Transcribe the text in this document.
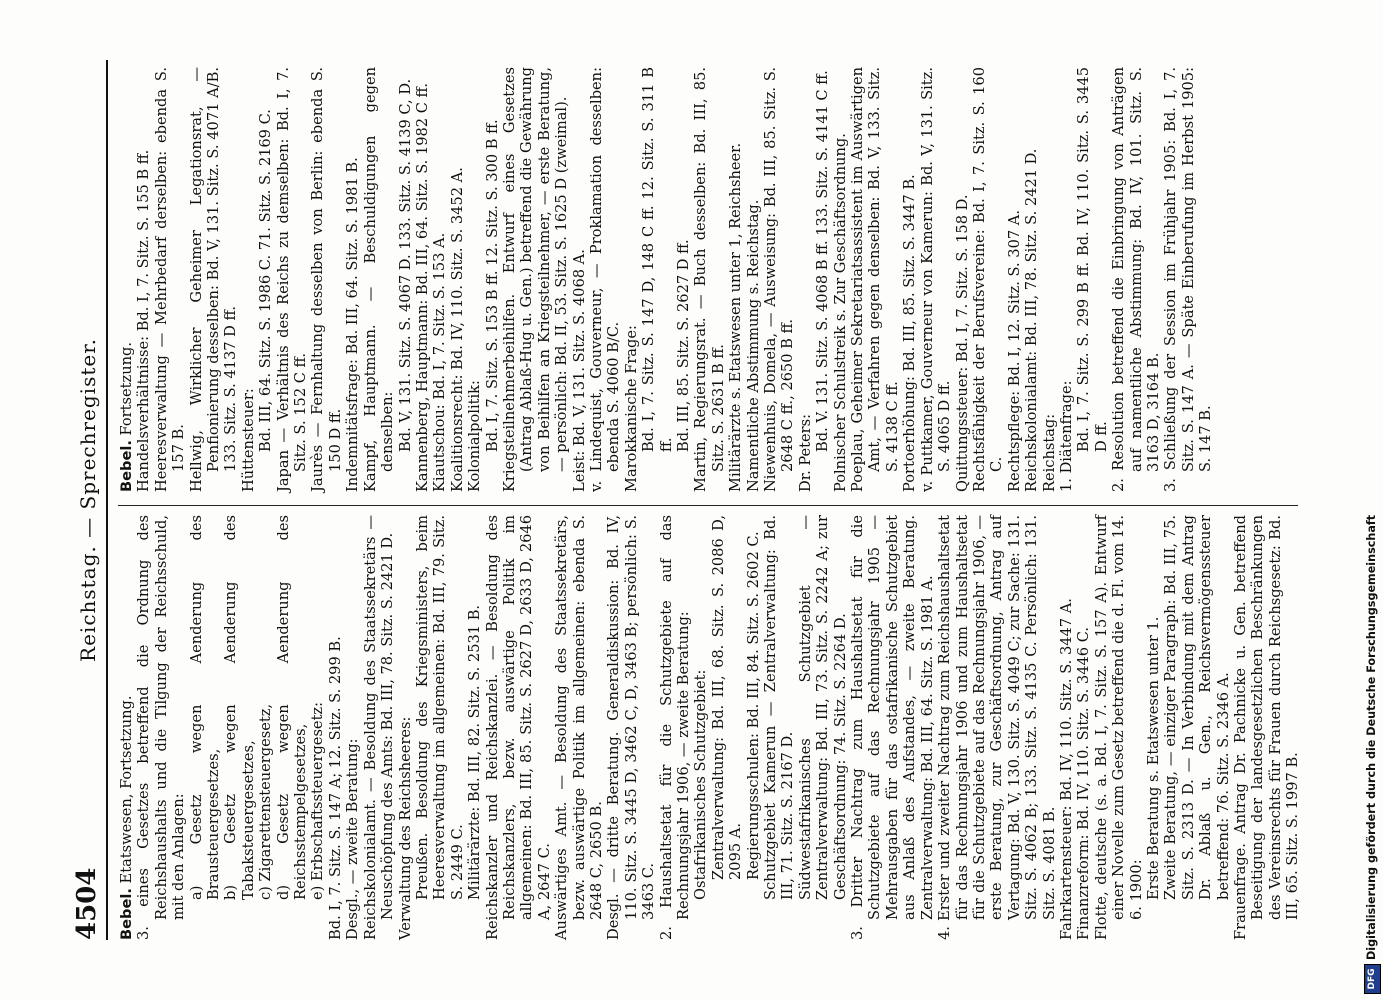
4504
Reichstag. — Sprechregister.

Bebel. Etatswesen, Fortsetzung. 3. eines Gesetzes betreffend die Ordnung des Reichshaushalts und die Tilgung der Reichsschuld, mit den Anlagen: a) Gesetz wegen Aenderung des Brausteuergesetzes, b) Gesetz wegen Aenderung des Tabaksteuergesetzes, c) Zigarettensteuergesetz, d) Gesetz wegen Aenderung des Reichsstempelgesetzes, e) Erbschaftssteuergesetz: Bd. I, 7. Sitz. S. 147 A; 12. Sitz. S. 299 B. Desgl., — zweite Beratung: Reichskolonialamt. — Besoldung des Staatssekretärs — Neuschöpfung des Amts: Bd. III, 78. Sitz. S. 2421 D. Verwaltung des Reichsheeres: Preußen. Besoldung des Kriegsministers, beim Heeresverwaltung im allgemeinen: Bd. III, 79. Sitz. S. 2449 C. Militärärzte: Bd. III, 82. Sitz. S. 2531 B. Reichskanzler und Reichskanzlei. — Besoldung des Reichskanzlers, bezw. auswärtige Politik im allgemeinen: Bd. III, 85. Sitz. S. 2627 D, 2633 D, 2646 A, 2647 C. Auswärtiges Amt. — Besoldung des Staatssekretärs, bezw. auswärtige Politik im allgemeinen: ebenda S. 2648 C, 2650 B. Desgl. — dritte Beratung. Generaldiskussion: Bd. IV, 110. Sitz. S. 3445 D, 3462 C, D, 3463 B; persönlich: S. 3463 C. 2. Haushaltsetat für die Schutzgebiete auf das Rechnungsjahr 1906, — zweite Beratung: Ostafrikanisches Schutzgebiet: Zentralverwaltung: Bd. III, 68. Sitz. S. 2086 D, 2095 A. Regierungsschulen: Bd. III, 84. Sitz. S. 2602 C. Schutzgebiet Kamerun — Zentralverwaltung: Bd. III, 71. Sitz. S. 2167 D. Südwestafrikanisches Schutzgebiet — Zentralverwaltung: Bd. III, 73. Sitz. S. 2242 A; zur Geschäftsordnung: 74. Sitz. S. 2264 D. 3. Dritter Nachtrag zum Haushaltsetat für die Schutzgebiete auf das Rechnungsjahr 1905 — Mehrausgaben für das ostafrikanische Schutzgebiet aus Anlaß des Aufstandes, — zweite Beratung. Zentralverwaltung: Bd. III, 64. Sitz. S. 1981 A. 4. Erster und zweiter Nachtrag zum Reichshaushaltsetat für das Rechnungsjahr 1906 und zum Haushaltsetat für die Schutzgebiete auf das Rechnungsjahr 1906, — erste Beratung, zur Geschäftsordnung, Antrag auf Vertagung: Bd. V, 130. Sitz. S. 4049 C; zur Sache: 131. Sitz. S. 4062 B; 133. Sitz. S. 4135 C. Persönlich: 131. Sitz. S. 4081 B. Fahrkartensteuer: Bd. IV, 110. Sitz. S. 3447 A. Finanzreform: Bd. IV, 110. Sitz. S. 3446 C. Flotte, deutsche (s. a. Bd. I, 7. Sitz. S. 157 A). Entwurf einer Novelle zum Gesetz betreffend die d. Fl. vom 14. 6. 1900: Erste Beratung s. Etatswesen unter 1. Zweite Beratung, — einziger Paragraph: Bd. III, 75. Sitz. S. 2313 D. — In Verbindung mit dem Antrag Dr. Ablaß u. Gen., Reichsvermögenssteuer betreffend: 76. Sitz. S. 2346 A. Frauenfrage. Antrag Dr. Pachnicke u. Gen. betreffend Beseitigung der landesgesetzlichen Beschränkungen des Vereinsrechts für Frauen durch Reichsgesetz: Bd. III, 65. Sitz. S. 1997 B.

Bebel. Fortsetzung. Handelsverhältnisse: Bd. I, 7. Sitz. S. 155 B ff. Heeresverwaltung — Mehrbedarf derselben: ebenda S. 157 B. Hellwig, Wirklicher Geheimer Legationsrat, — Penfionierung desselben: Bd. V, 131. Sitz. S. 4071 A/B. 133. Sitz. S. 4137 D ff. Hüttensteuer: Bd. III, 64. Sitz. S. 1986 C. 71. Sitz. S. 2169 C. Japan — Verhältnis des Reichs zu demselben: Bd. I, 7. Sitz. S. 152 C ff. Jaurès — Fernhaltung desselben von Berlin: ebenda S. 150 D ff. Indemnitätsfrage: Bd. III, 64. Sitz. S. 1981 B. Kampf, Hauptmann. — Beschuldigungen gegen denselben: Bd. V, 131. Sitz. S. 4067 D. 133. Sitz. S. 4139 C, D. Kannenberg, Hauptmann: Bd. III, 64. Sitz. S. 1982 C ff. Kiautschou: Bd. I, 7. Sitz. S. 153 A. Koalitionsrecht: Bd. IV, 110. Sitz. S. 3452 A. Kolonialpolitik: Bd. I, 7. Sitz. S. 153 B ff. 12. Sitz. S. 300 B ff. Kriegsteilnehmerbeihilfen. Entwurf eines Gesetzes (Antrag Ablaß-Hug u. Gen.) betreffend die Gewährung von Beihilfen an Kriegsteilnehmer, — erste Beratung, — persönlich: Bd. II, 53. Sitz. S. 1625 D (zweimal). Leist: Bd. V, 131. Sitz. S. 4068 A. v. Lindequist, Gouverneur, — Proklamation desselben: ebenda S. 4060 B/C. Marokkanische Frage: Bd. I, 7. Sitz. S. 147 D, 148 C ff. 12. Sitz. S. 311 B ff. Bd. III, 85. Sitz. S. 2627 D ff. Martin, Regierungsrat. — Buch desselben: Bd. III, 85. Sitz. S. 2631 B ff. Militärärzte s. Etatswesen unter 1, Reichsheer. Namentliche Abstimmung s. Reichstag. Niewenhuis, Domela, — Ausweisung: Bd. III, 85. Sitz. S. 2648 C ff., 2650 B ff. Dr. Peters:

Bd. V. 131. Sitz. S. 4068 B ff. 133. Sitz. S. 4141 C ff. Polnischer Schulstreik s. Zur Geschäftsordnung. Poeplau, Geheimer Sekretariatsassistent im Auswärtigen Amt, — Verfahren gegen denselben: Bd. V, 133. Sitz. S. 4138 C ff. Portoerhöhung: Bd. III, 85. Sitz. S. 3447 B. v. Puttkamer, Gouverneur von Kamerun: Bd. V, 131. Sitz. S. 4065 D ff. Quittungssteuer: Bd. I, 7. Sitz. S. 158 D. Rechtsfähigkeit der Berufsvereine: Bd. I, 7. Sitz. S. 160 C. Rechtspflege: Bd. I, 12. Sitz. S. 307 A. Reichskolonialamt: Bd. III, 78. Sitz. S. 2421 D. Reichstag: 1. Diätenfrage: Bd. I, 7. Sitz. S. 299 B ff. Bd. IV, 110. Sitz. S. 3445 D ff. 2. Resolution betreffend die Einbringung von Anträgen auf namentliche Abstimmung: Bd. IV, 101. Sitz. S. 3163 D, 3164 B. 3. Schließung der Session im Frühjahr 1905: Bd. I, 7. Sitz. S. 147 A. — Späte Einberufung im Herbst 1905: S. 147 B.

DFG
Digitalisierung gefördert durch die Deutsche Forschungsgemeinschaft
